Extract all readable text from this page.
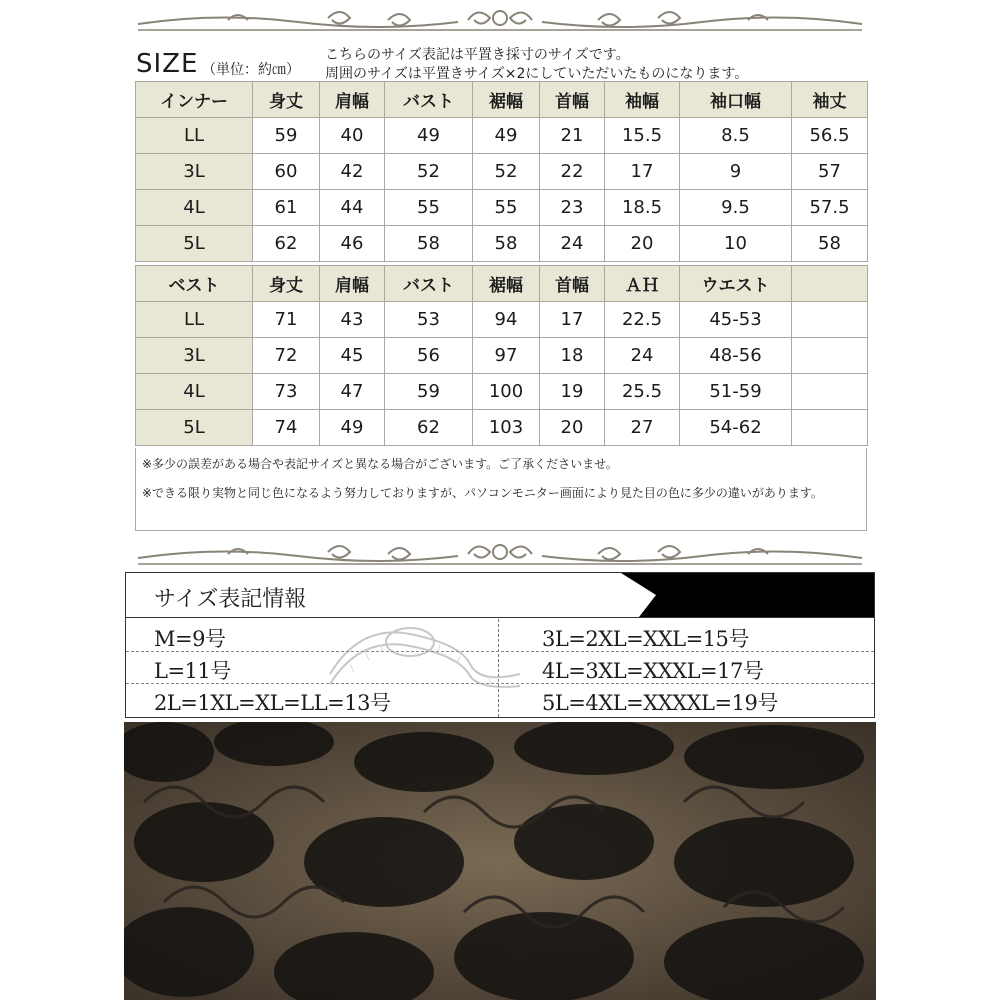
SIZE （単位：約㎝）
こちらのサイズ表記は平置き採寸のサイズです。
周囲のサイズは平置きサイズ×2にしていただいたものになります。
インナー	身丈	肩幅	バスト	裾幅	首幅	袖幅	袖口幅	袖丈
LL	59	40	49	49	21	15.5	8.5	56.5
3L	60	42	52	52	22	17	9	57
4L	61	44	55	55	23	18.5	9.5	57.5
5L	62	46	58	58	24	20	10	58
ベスト	身丈	肩幅	バスト	裾幅	首幅	ＡＨ	ウエスト	
LL	71	43	53	94	17	22.5	45-53	
3L	72	45	56	97	18	24	48-56	
4L	73	47	59	100	19	25.5	51-59	
5L	74	49	62	103	20	27	54-62	
※多少の誤差がある場合や表記サイズと異なる場合がございます。ご了承くださいませ。
※できる限り実物と同じ色になるよう努力しておりますが、パソコンモニター画面により見た目の色に多少の違いがあります。
サイズ表記情報
M=9号
L=11号
2L=1XL=XL=LL=13号
3L=2XL=XXL=15号
4L=3XL=XXXL=17号
5L=4XL=XXXXL=19号
